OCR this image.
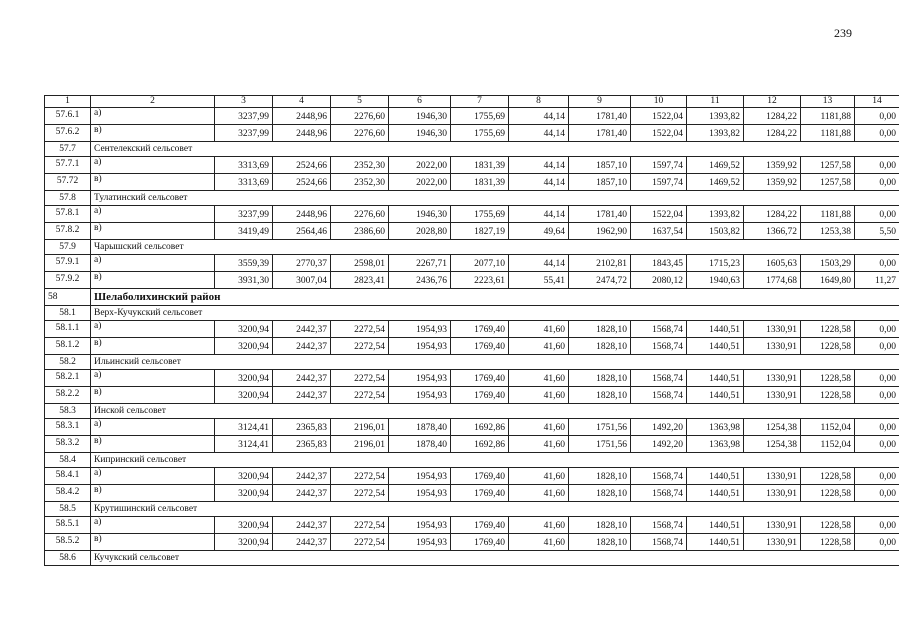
239
1	2	3	4	5	6	7	8	9	10	11	12	13	14
57.6.1	а)	3237,99	2448,96	2276,60	1946,30	1755,69	44,14	1781,40	1522,04	1393,82	1284,22	1181,88	0,00
57.6.2	в)	3237,99	2448,96	2276,60	1946,30	1755,69	44,14	1781,40	1522,04	1393,82	1284,22	1181,88	0,00
57.7	Сентелекский сельсовет												
57.7.1	а)	3313,69	2524,66	2352,30	2022,00	1831,39	44,14	1857,10	1597,74	1469,52	1359,92	1257,58	0,00
57.72	в)	3313,69	2524,66	2352,30	2022,00	1831,39	44,14	1857,10	1597,74	1469,52	1359,92	1257,58	0,00
57.8	Тулатинский сельсовет												
57.8.1	а)	3237,99	2448,96	2276,60	1946,30	1755,69	44,14	1781,40	1522,04	1393,82	1284,22	1181,88	0,00
57.8.2	в)	3419,49	2564,46	2386,60	2028,80	1827,19	49,64	1962,90	1637,54	1503,82	1366,72	1253,38	5,50
57.9	Чарышский сельсовет												
57.9.1	а)	3559,39	2770,37	2598,01	2267,71	2077,10	44,14	2102,81	1843,45	1715,23	1605,63	1503,29	0,00
57.9.2	в)	3931,30	3007,04	2823,41	2436,76	2223,61	55,41	2474,72	2080,12	1940,63	1774,68	1649,80	11,27
58	Шелаболихинский район												
58.1	Верх-Кучукский сельсовет												
58.1.1	а)	3200,94	2442,37	2272,54	1954,93	1769,40	41,60	1828,10	1568,74	1440,51	1330,91	1228,58	0,00
58.1.2	в)	3200,94	2442,37	2272,54	1954,93	1769,40	41,60	1828,10	1568,74	1440,51	1330,91	1228,58	0,00
58.2	Ильинский сельсовет												
58.2.1	а)	3200,94	2442,37	2272,54	1954,93	1769,40	41,60	1828,10	1568,74	1440,51	1330,91	1228,58	0,00
58.2.2	в)	3200,94	2442,37	2272,54	1954,93	1769,40	41,60	1828,10	1568,74	1440,51	1330,91	1228,58	0,00
58.3	Инской сельсовет												
58.3.1	а)	3124,41	2365,83	2196,01	1878,40	1692,86	41,60	1751,56	1492,20	1363,98	1254,38	1152,04	0,00
58.3.2	в)	3124,41	2365,83	2196,01	1878,40	1692,86	41,60	1751,56	1492,20	1363,98	1254,38	1152,04	0,00
58.4	Кипринский сельсовет												
58.4.1	а)	3200,94	2442,37	2272,54	1954,93	1769,40	41,60	1828,10	1568,74	1440,51	1330,91	1228,58	0,00
58.4.2	в)	3200,94	2442,37	2272,54	1954,93	1769,40	41,60	1828,10	1568,74	1440,51	1330,91	1228,58	0,00
58.5	Крутишинский сельсовет												
58.5.1	а)	3200,94	2442,37	2272,54	1954,93	1769,40	41,60	1828,10	1568,74	1440,51	1330,91	1228,58	0,00
58.5.2	в)	3200,94	2442,37	2272,54	1954,93	1769,40	41,60	1828,10	1568,74	1440,51	1330,91	1228,58	0,00
58.6	Кучукский сельсовет												
